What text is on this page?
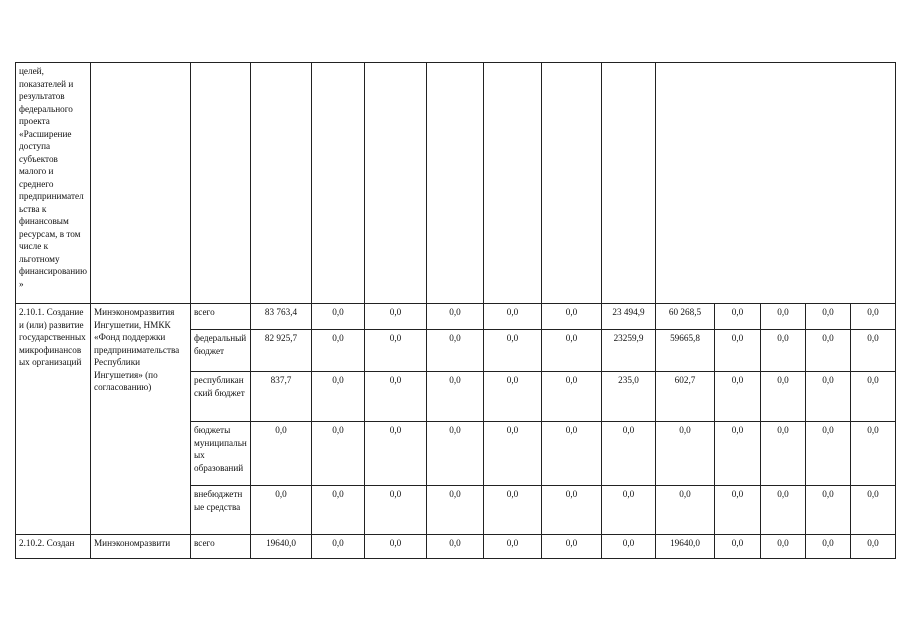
целей, показателей и результатов федерального проекта «Расширение доступа субъектов малого и среднего предпринимательства к финансовым ресурсам, в том числе к льготному финансированию»														
2.10.1. Создание и (или) развитие государственных микрофинансовых организаций	Минэкономразвития Ингушетии, НМКК «Фонд поддержки предпринимательства Республики Ингушетия» (по согласованию)	всего	83 763,4	0,0	0,0	0,0	0,0	0,0	23 494,9	60 268,5	0,0	0,0	0,0	0,0
		федеральный бюджет	82 925,7	0,0	0,0	0,0	0,0	0,0	23259,9	59665,8	0,0	0,0	0,0	0,0
		республиканский бюджет	837,7	0,0	0,0	0,0	0,0	0,0	235,0	602,7	0,0	0,0	0,0	0,0
		бюджеты муниципальных образований	0,0	0,0	0,0	0,0	0,0	0,0	0,0	0,0	0,0	0,0	0,0	0,0
		внебюджетные средства	0,0	0,0	0,0	0,0	0,0	0,0	0,0	0,0	0,0	0,0	0,0	0,0
2.10.2. Создан	Минэкономразвити	всего	19640,0	0,0	0,0	0,0	0,0	0,0	0,0	19640,0	0,0	0,0	0,0	0,0
